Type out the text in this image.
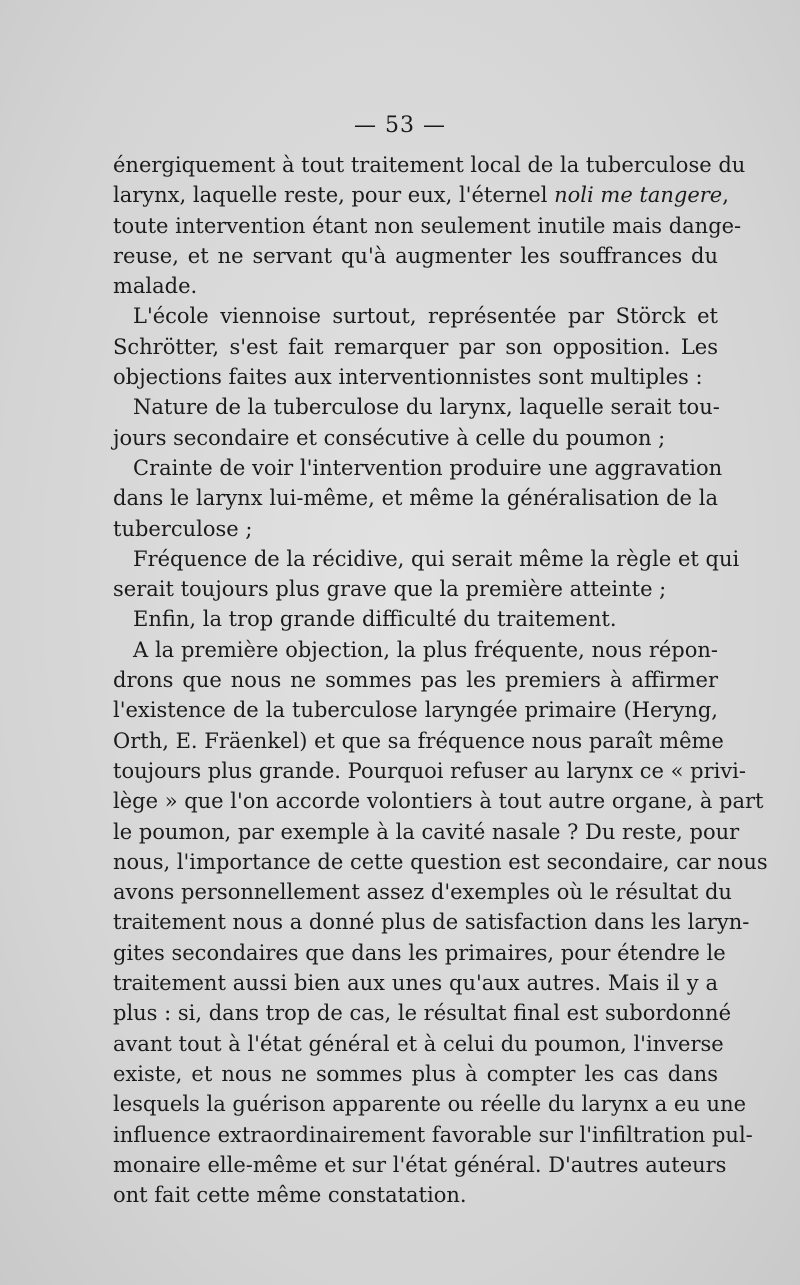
— 53 —
énergiquement à tout traitement local de la tuberculose du
larynx, laquelle reste, pour eux, l'éternel noli me tangere,
toute intervention étant non seulement inutile mais dange-
reuse, et ne servant qu'à augmenter les souffrances du
malade.
L'école viennoise surtout, représentée par Störck et
Schrötter, s'est fait remarquer par son opposition. Les
objections faites aux interventionnistes sont multiples :
Nature de la tuberculose du larynx, laquelle serait tou-
jours secondaire et consécutive à celle du poumon ;
Crainte de voir l'intervention produire une aggravation
dans le larynx lui-même, et même la généralisation de la
tuberculose ;
Fréquence de la récidive, qui serait même la règle et qui
serait toujours plus grave que la première atteinte ;
Enfin, la trop grande difficulté du traitement.
A la première objection, la plus fréquente, nous répon-
drons que nous ne sommes pas les premiers à affirmer
l'existence de la tuberculose laryngée primaire (Heryng,
Orth, E. Fräenkel) et que sa fréquence nous paraît même
toujours plus grande. Pourquoi refuser au larynx ce « privi-
lège » que l'on accorde volontiers à tout autre organe, à part
le poumon, par exemple à la cavité nasale ? Du reste, pour
nous, l'importance de cette question est secondaire, car nous
avons personnellement assez d'exemples où le résultat du
traitement nous a donné plus de satisfaction dans les laryn-
gites secondaires que dans les primaires, pour étendre le
traitement aussi bien aux unes qu'aux autres. Mais il y a
plus : si, dans trop de cas, le résultat final est subordonné
avant tout à l'état général et à celui du poumon, l'inverse
existe, et nous ne sommes plus à compter les cas dans
lesquels la guérison apparente ou réelle du larynx a eu une
influence extraordinairement favorable sur l'infiltration pul-
monaire elle-même et sur l'état général. D'autres auteurs
ont fait cette même constatation.
